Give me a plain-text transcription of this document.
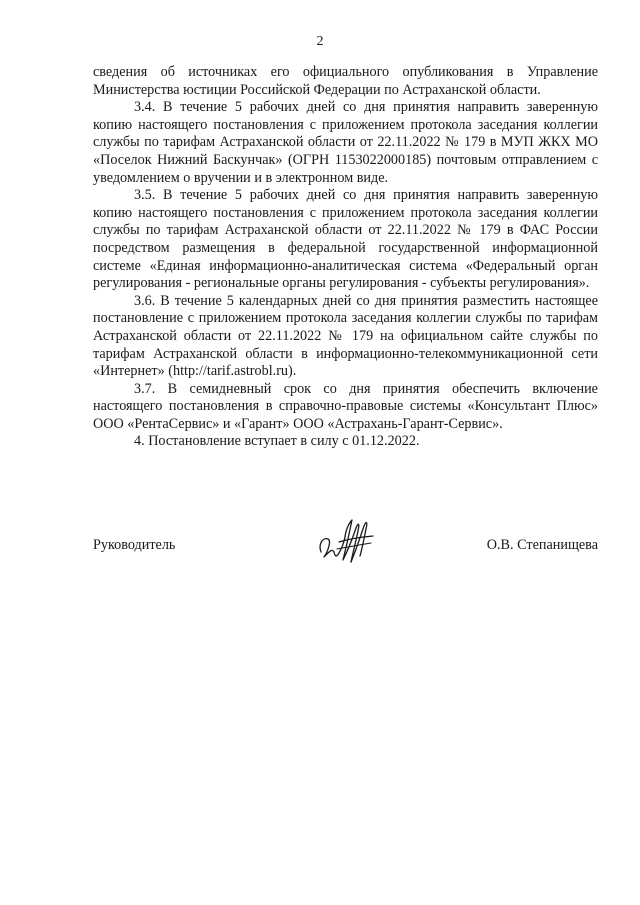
2

сведения об источниках его официального опубликования в Управление Министерства юстиции Российской Федерации по Астраханской области.

3.4. В течение 5 рабочих дней со дня принятия направить заверенную копию настоящего постановления с приложением протокола заседания коллегии службы по тарифам Астраханской области от 22.11.2022 № 179 в МУП ЖКХ МО «Поселок Нижний Баскунчак» (ОГРН 1153022000185) почтовым отправлением с уведомлением о вручении и в электронном виде.

3.5. В течение 5 рабочих дней со дня принятия направить заверенную копию настоящего постановления с приложением протокола заседания коллегии службы по тарифам Астраханской области от 22.11.2022 № 179 в ФАС России посредством размещения в федеральной государственной информационной системе «Единая информационно-аналитическая система «Федеральный орган регулирования - региональные органы регулирования - субъекты регулирования».

3.6. В течение 5 календарных дней со дня принятия разместить настоящее постановление с приложением протокола заседания коллегии службы по тарифам Астраханской области от 22.11.2022 № 179 на официальном сайте службы по тарифам Астраханской области в информационно-телекоммуникационной сети «Интернет» (http://tarif.astrobl.ru).

3.7. В семидневный срок со дня принятия обеспечить включение настоящего постановления в справочно-правовые системы «Консультант Плюс» ООО «РентаСервис» и «Гарант» ООО «Астрахань-Гарант-Сервис».

4. Постановление вступает в силу с 01.12.2022.

Руководитель	О.В. Степанищева
